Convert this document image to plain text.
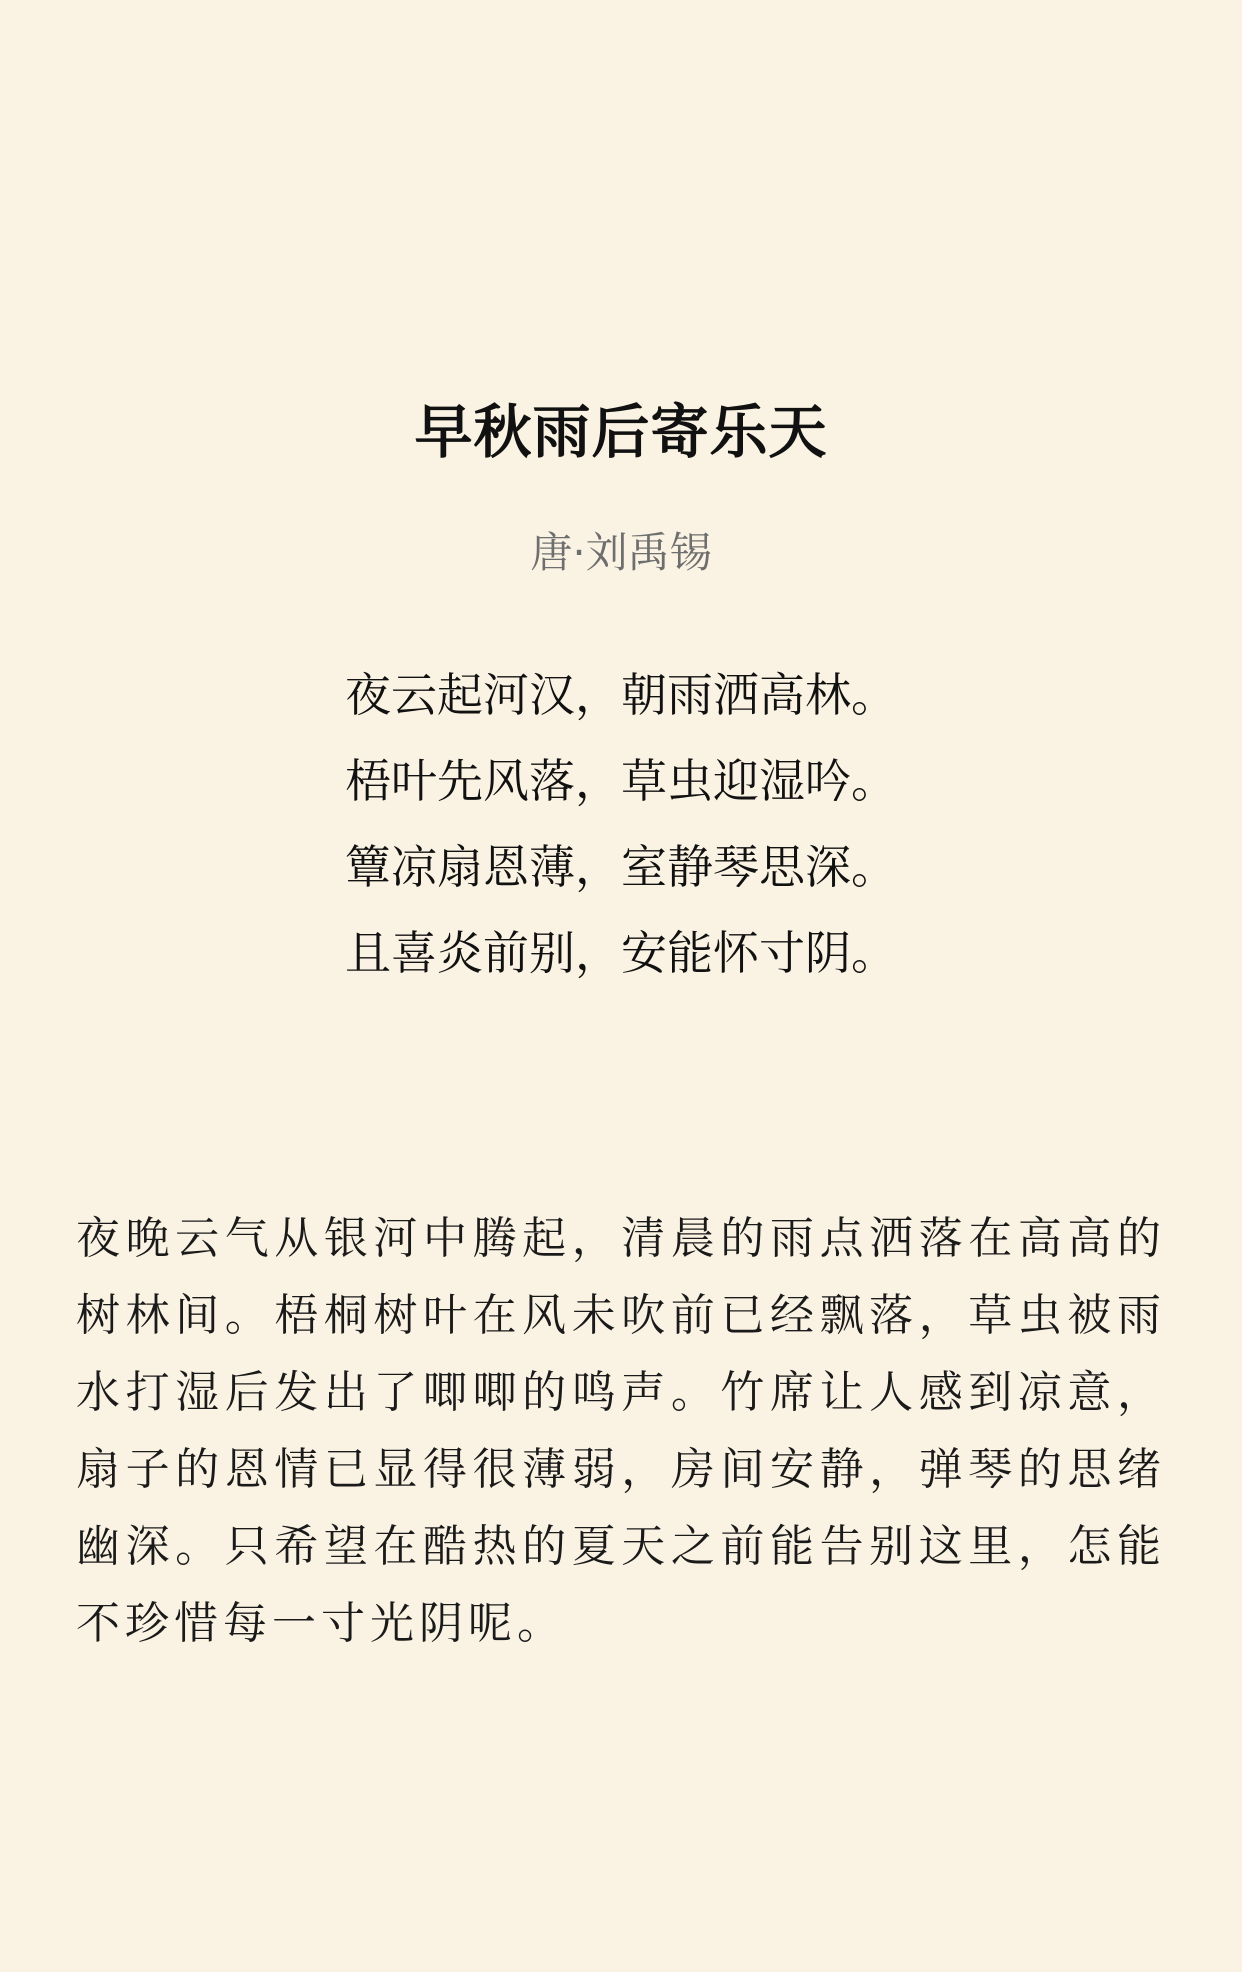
早秋雨后寄乐天
唐·刘禹锡
夜云起河汉，朝雨洒高林。
梧叶先风落，草虫迎湿吟。
簟凉扇恩薄，室静琴思深。
且喜炎前别，安能怀寸阴。
夜晚云气从银河中腾起，清晨的雨点洒落在高高的树林间。梧桐树叶在风未吹前已经飘落，草虫被雨水打湿后发出了唧唧的鸣声。竹席让人感到凉意，扇子的恩情已显得很薄弱，房间安静，弹琴的思绪幽深。只希望在酷热的夏天之前能告别这里，怎能不珍惜每一寸光阴呢。
